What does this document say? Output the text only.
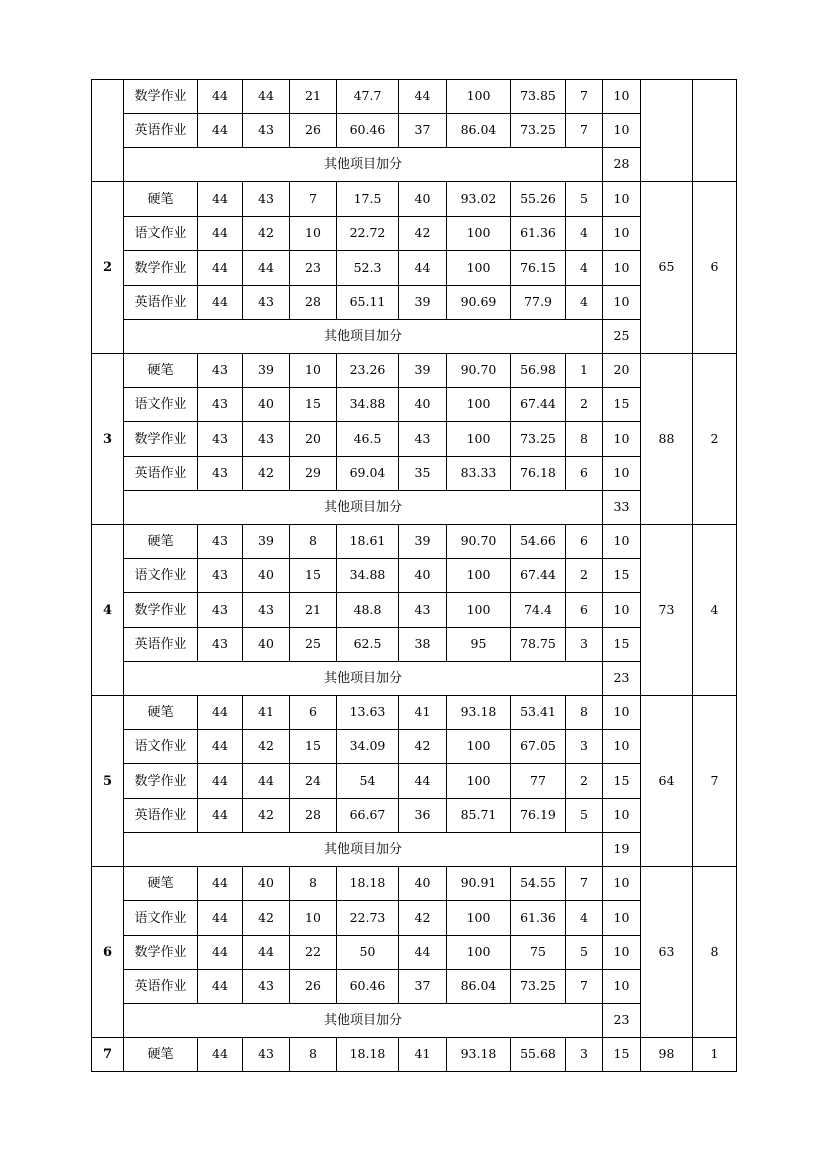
	数学作业	44	44	21	47.7	44	100	73.85	7	10		
	英语作业	44	43	26	60.46	37	86.04	73.25	7	10		
	其他项目加分									28		
2	硬笔	44	43	7	17.5	40	93.02	55.26	5	10	65	6
	语文作业	44	42	10	22.72	42	100	61.36	4	10		
	数学作业	44	44	23	52.3	44	100	76.15	4	10		
	英语作业	44	43	28	65.11	39	90.69	77.9	4	10		
	其他项目加分									25		
3	硬笔	43	39	10	23.26	39	90.70	56.98	1	20	88	2
	语文作业	43	40	15	34.88	40	100	67.44	2	15		
	数学作业	43	43	20	46.5	43	100	73.25	8	10		
	英语作业	43	42	29	69.04	35	83.33	76.18	6	10		
	其他项目加分									33		
4	硬笔	43	39	8	18.61	39	90.70	54.66	6	10	73	4
	语文作业	43	40	15	34.88	40	100	67.44	2	15		
	数学作业	43	43	21	48.8	43	100	74.4	6	10		
	英语作业	43	40	25	62.5	38	95	78.75	3	15		
	其他项目加分									23		
5	硬笔	44	41	6	13.63	41	93.18	53.41	8	10	64	7
	语文作业	44	42	15	34.09	42	100	67.05	3	10		
	数学作业	44	44	24	54	44	100	77	2	15		
	英语作业	44	42	28	66.67	36	85.71	76.19	5	10		
	其他项目加分									19		
6	硬笔	44	40	8	18.18	40	90.91	54.55	7	10	63	8
	语文作业	44	42	10	22.73	42	100	61.36	4	10		
	数学作业	44	44	22	50	44	100	75	5	10		
	英语作业	44	43	26	60.46	37	86.04	73.25	7	10		
	其他项目加分									23		
7	硬笔	44	43	8	18.18	41	93.18	55.68	3	15	98	1
